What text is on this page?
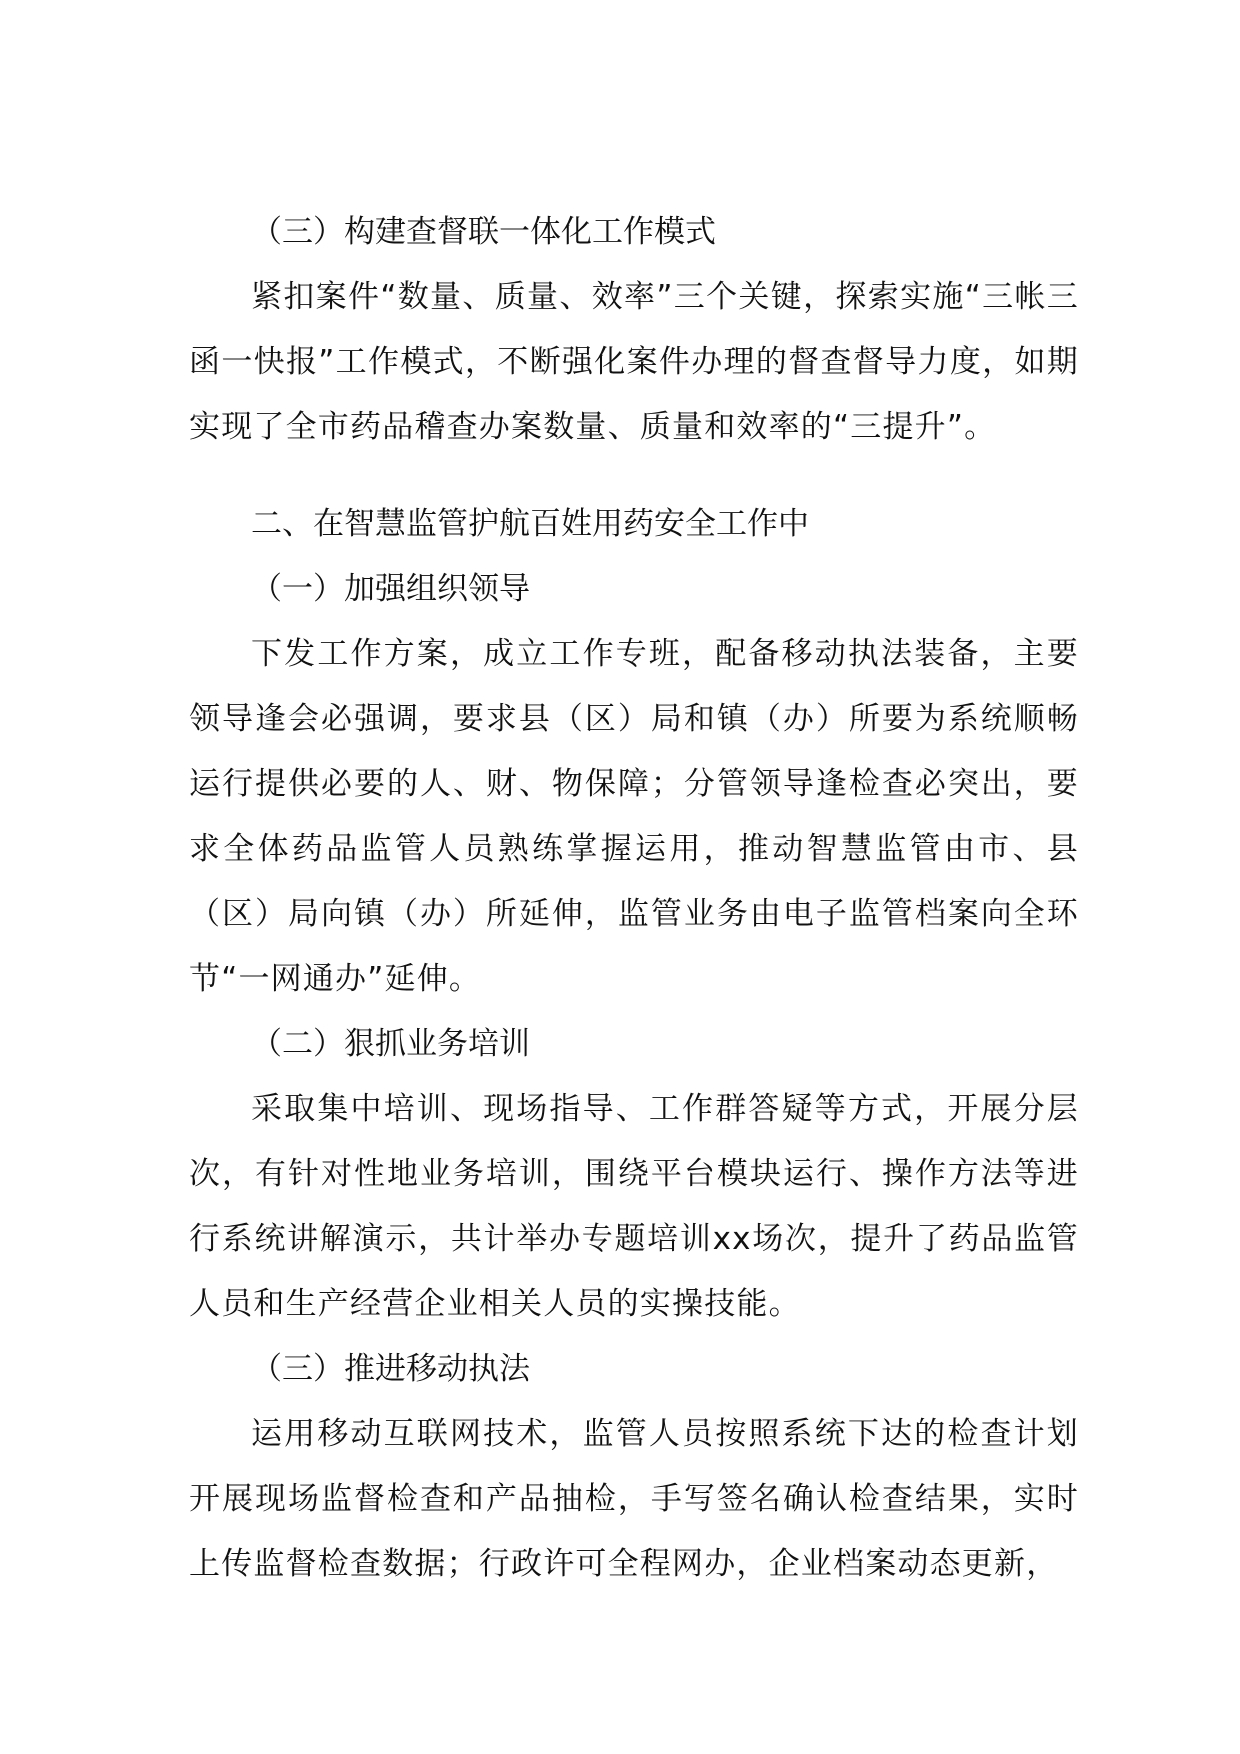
（三）构建查督联一体化工作模式

紧扣案件“数量、质量、效率”三个关键，探索实施“三帐三函一快报”工作模式，不断强化案件办理的督查督导力度，如期实现了全市药品稽查办案数量、质量和效率的“三提升”。

二、在智慧监管护航百姓用药安全工作中

（一）加强组织领导

下发工作方案，成立工作专班，配备移动执法装备，主要领导逢会必强调，要求县（区）局和镇（办）所要为系统顺畅运行提供必要的人、财、物保障；分管领导逢检查必突出，要求全体药品监管人员熟练掌握运用，推动智慧监管由市、县（区）局向镇（办）所延伸，监管业务由电子监管档案向全环节“一网通办”延伸。

（二）狠抓业务培训

采取集中培训、现场指导、工作群答疑等方式，开展分层次，有针对性地业务培训，围绕平台模块运行、操作方法等进行系统讲解演示，共计举办专题培训xx场次，提升了药品监管人员和生产经营企业相关人员的实操技能。

（三）推进移动执法

运用移动互联网技术，监管人员按照系统下达的检查计划开展现场监督检查和产品抽检，手写签名确认检查结果，实时上传监督检查数据；行政许可全程网办，企业档案动态更新，
